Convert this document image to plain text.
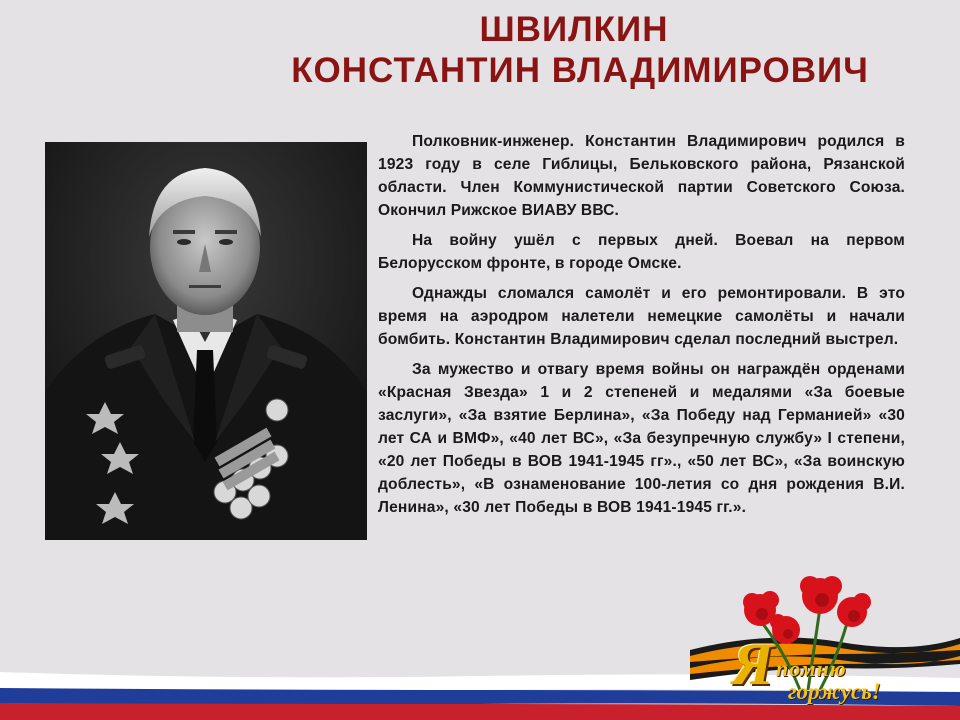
ШВИЛКИН
КОНСТАНТИН ВЛАДИМИРОВИЧ

Полковник-инженер. Константин Владимирович родился в 1923 году в селе Гиблицы, Бельковского района, Рязанской области. Член Коммунистической партии Советского Союза. Окончил Рижское ВИАВУ ВВС.

На войну ушёл с первых дней. Воевал на первом Белорусском фронте, в городе Омске.

Однажды сломался самолёт и его ремонтировали. В это время на аэродром налетели немецкие самолёты и начали бомбить. Константин Владимирович сделал последний выстрел.

За мужество и отвагу время войны он награждён орденами «Красная Звезда» 1 и 2 степеней и медалями «За боевые заслуги», «За взятие Берлина», «За Победу над Германией» «30 лет СА и ВМФ», «40 лет ВС», «За безупречную службу» I степени, «20 лет Победы в ВОВ 1941-1945 гг»., «50 лет ВС», «За воинскую доблесть», «В ознаменование 100-летия со дня рождения В.И. Ленина», «30 лет Победы в ВОВ 1941-1945 гг.».

Я помню
горжусь!
